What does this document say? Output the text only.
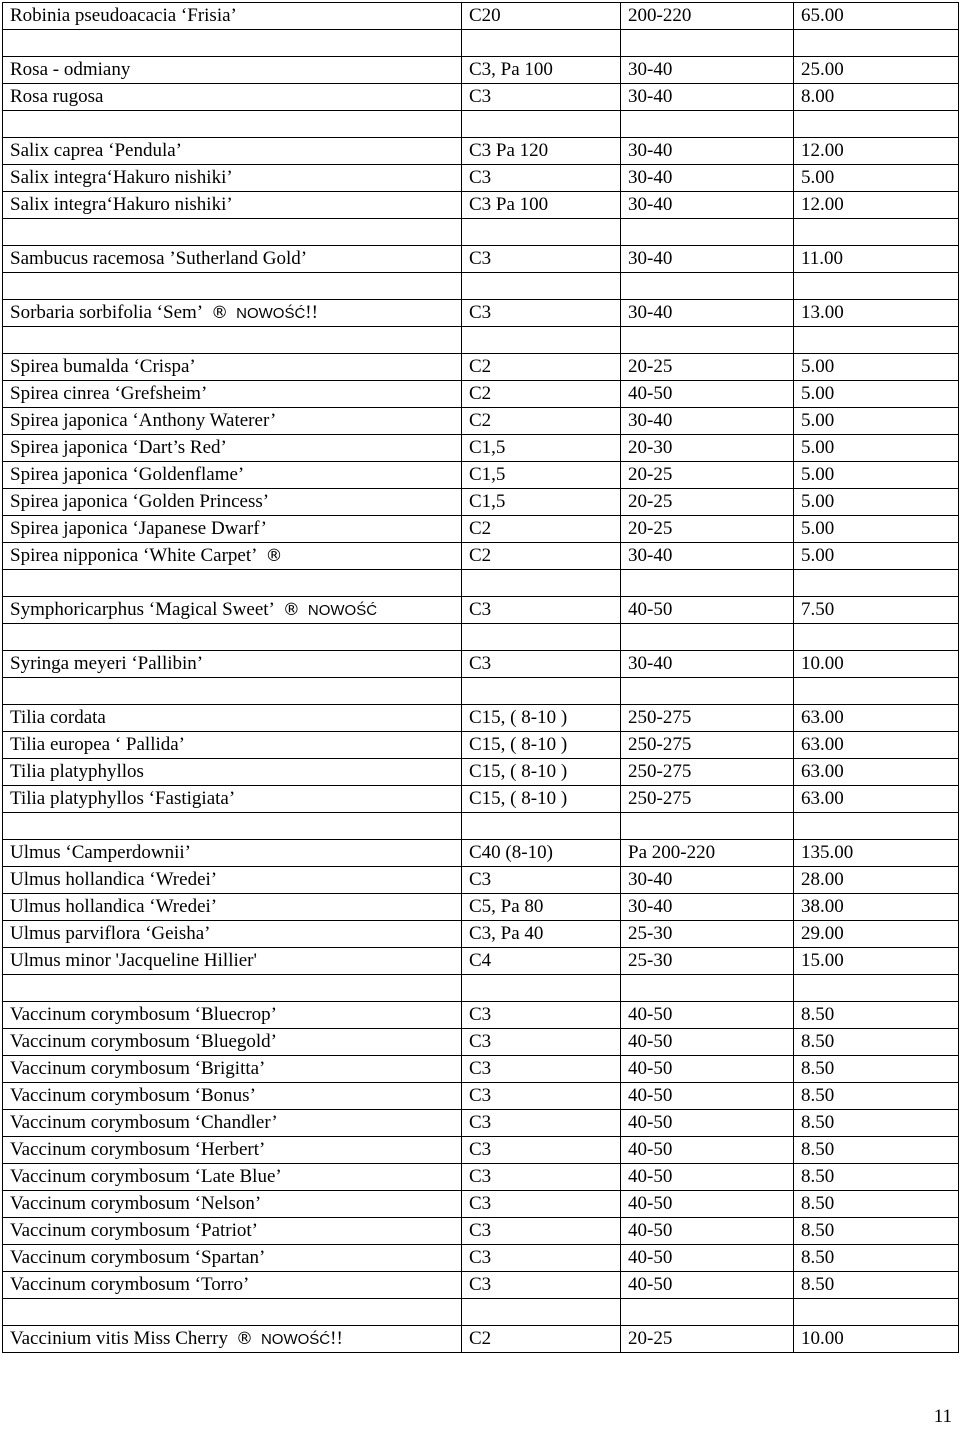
Robinia pseudoacacia ‘Frisia’	C20	200-220	65.00

Rosa - odmiany	C3, Pa 100	30-40	25.00
Rosa rugosa	C3	30-40	8.00

Salix caprea ‘Pendula’	C3 Pa 120	30-40	12.00
Salix integra‘Hakuro nishiki’	C3	30-40	5.00
Salix integra‘Hakuro nishiki’	C3 Pa 100	30-40	12.00

Sambucus racemosa ’Sutherland Gold’	C3	30-40	11.00

Sorbaria sorbifolia ‘Sem’ ® NOWOŚĆ!!	C3	30-40	13.00

Spirea bumalda ‘Crispa’	C2	20-25	5.00
Spirea cinrea ‘Grefsheim’	C2	40-50	5.00
Spirea japonica ‘Anthony Waterer’	C2	30-40	5.00
Spirea japonica ‘Dart’s Red’	C1,5	20-30	5.00
Spirea japonica ‘Goldenflame’	C1,5	20-25	5.00
Spirea japonica ‘Golden Princess’	C1,5	20-25	5.00
Spirea japonica ‘Japanese Dwarf’	C2	20-25	5.00
Spirea nipponica ‘White Carpet’ ®	C2	30-40	5.00

Symphoricarphus ‘Magical Sweet’ ® NOWOŚĆ	C3	40-50	7.50

Syringa meyeri ‘Pallibin’	C3	30-40	10.00

Tilia cordata	C15, ( 8-10 )	250-275	63.00
Tilia europea ‘ Pallida’	C15, ( 8-10 )	250-275	63.00
Tilia platyphyllos	C15, ( 8-10 )	250-275	63.00
Tilia platyphyllos ‘Fastigiata’	C15, ( 8-10 )	250-275	63.00

Ulmus ‘Camperdownii’	C40 (8-10)	Pa 200-220	135.00
Ulmus hollandica ‘Wredei’	C3	30-40	28.00
Ulmus hollandica ‘Wredei’	C5, Pa 80	30-40	38.00
Ulmus parviflora ‘Geisha’	C3, Pa 40	25-30	29.00
Ulmus minor 'Jacqueline Hillier'	C4	25-30	15.00

Vaccinum corymbosum ‘Bluecrop’	C3	40-50	8.50
Vaccinum corymbosum ‘Bluegold’	C3	40-50	8.50
Vaccinum corymbosum ‘Brigitta’	C3	40-50	8.50
Vaccinum corymbosum ‘Bonus’	C3	40-50	8.50
Vaccinum corymbosum ‘Chandler’	C3	40-50	8.50
Vaccinum corymbosum ‘Herbert’	C3	40-50	8.50
Vaccinum corymbosum ‘Late Blue’	C3	40-50	8.50
Vaccinum corymbosum ‘Nelson’	C3	40-50	8.50
Vaccinum corymbosum ‘Patriot’	C3	40-50	8.50
Vaccinum corymbosum ‘Spartan’	C3	40-50	8.50
Vaccinum corymbosum ‘Torro’	C3	40-50	8.50

Vaccinium vitis Miss Cherry ® NOWOŚĆ!!	C2	20-25	10.00
11
